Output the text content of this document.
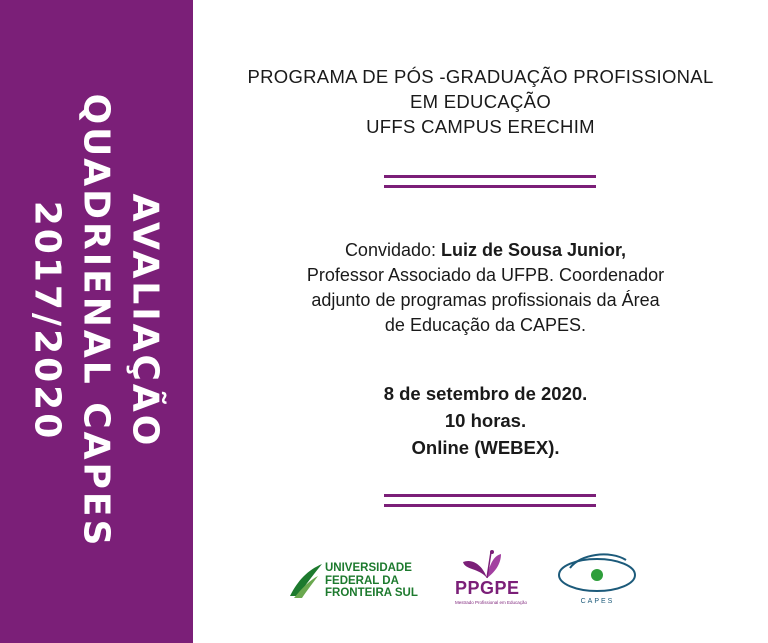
AVALIAÇÃO
QUADRIENAL CAPES
2017/2020
PROGRAMA DE PÓS -GRADUAÇÃO PROFISSIONAL
EM EDUCAÇÃO
UFFS CAMPUS ERECHIM
Convidado: Luiz de Sousa Junior,
Professor Associado da UFPB. Coordenador
adjunto de programas profissionais da Área
de Educação da CAPES.
8 de setembro de 2020.
10 horas.
Online (WEBEX).
UNIVERSIDADE
FEDERAL DA
FRONTEIRA SUL PPGPE
Mestrado Profissional em Educação	CAPES
